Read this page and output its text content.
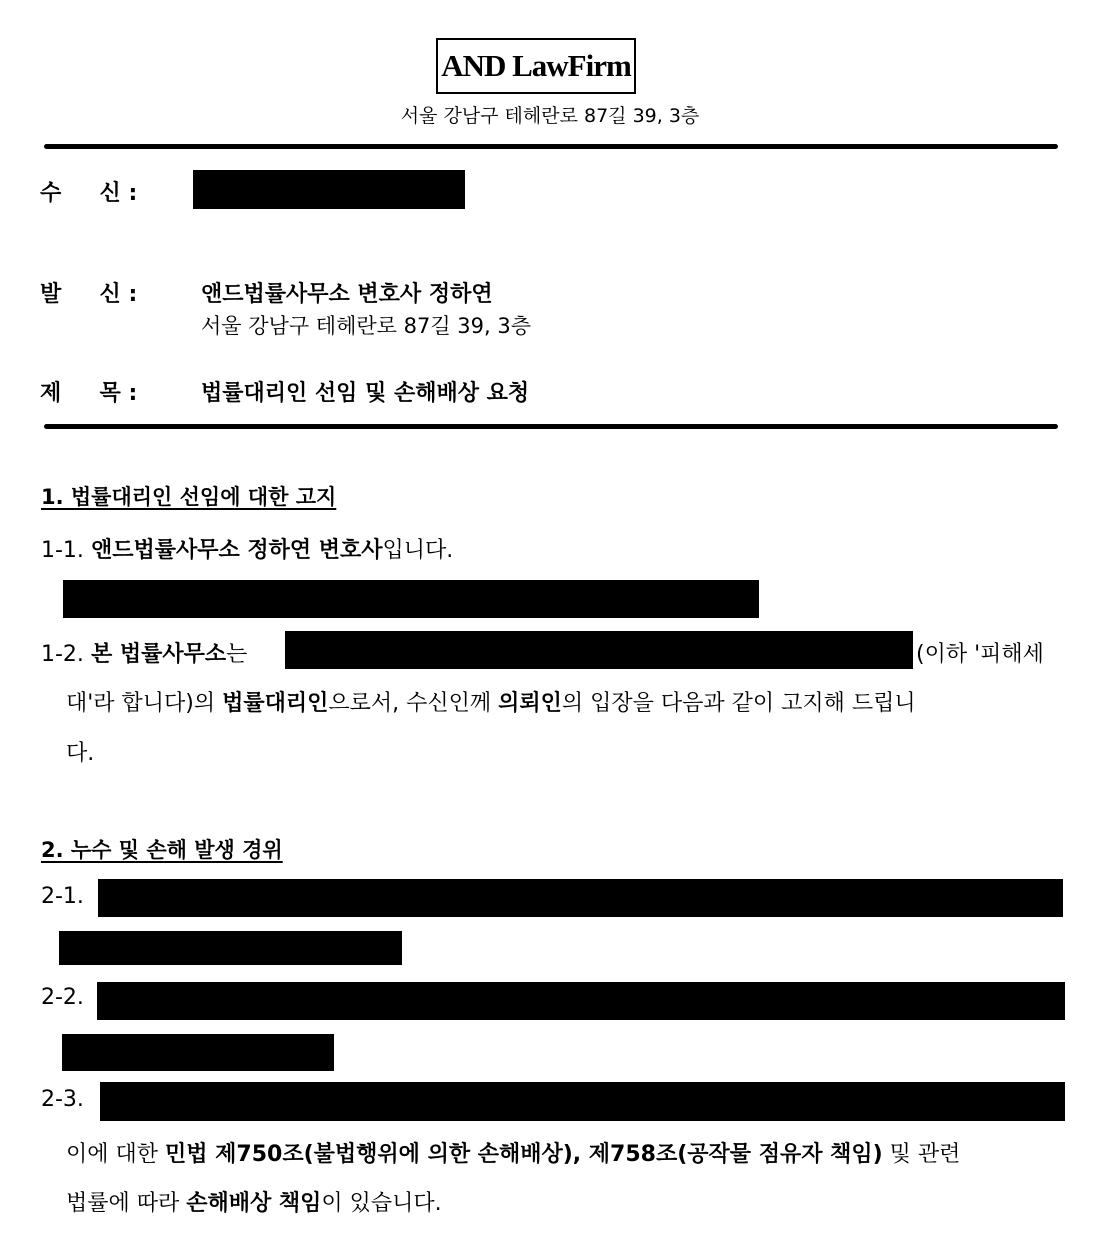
AND LawFirm
서울 강남구 테헤란로 87길 39, 3층
수     신 :
발     신 :	앤드법률사무소 변호사 정하연
서울 강남구 테헤란로 87길 39, 3층
제     목 :	법률대리인 선임 및 손해배상 요청
1. 법률대리인 선임에 대한 고지
1-1. 앤드법률사무소 정하연 변호사입니다.
1-2. 본 법률사무소는	(이하 '피해세
대'라 합니다)의 법률대리인으로서, 수신인께 의뢰인의 입장을 다음과 같이 고지해 드립니
다.
2. 누수 및 손해 발생 경위
2-1.
2-2.
2-3.
이에 대한 민법 제750조(불법행위에 의한 손해배상), 제758조(공작물 점유자 책임) 및 관련
법률에 따라 손해배상 책임이 있습니다.
